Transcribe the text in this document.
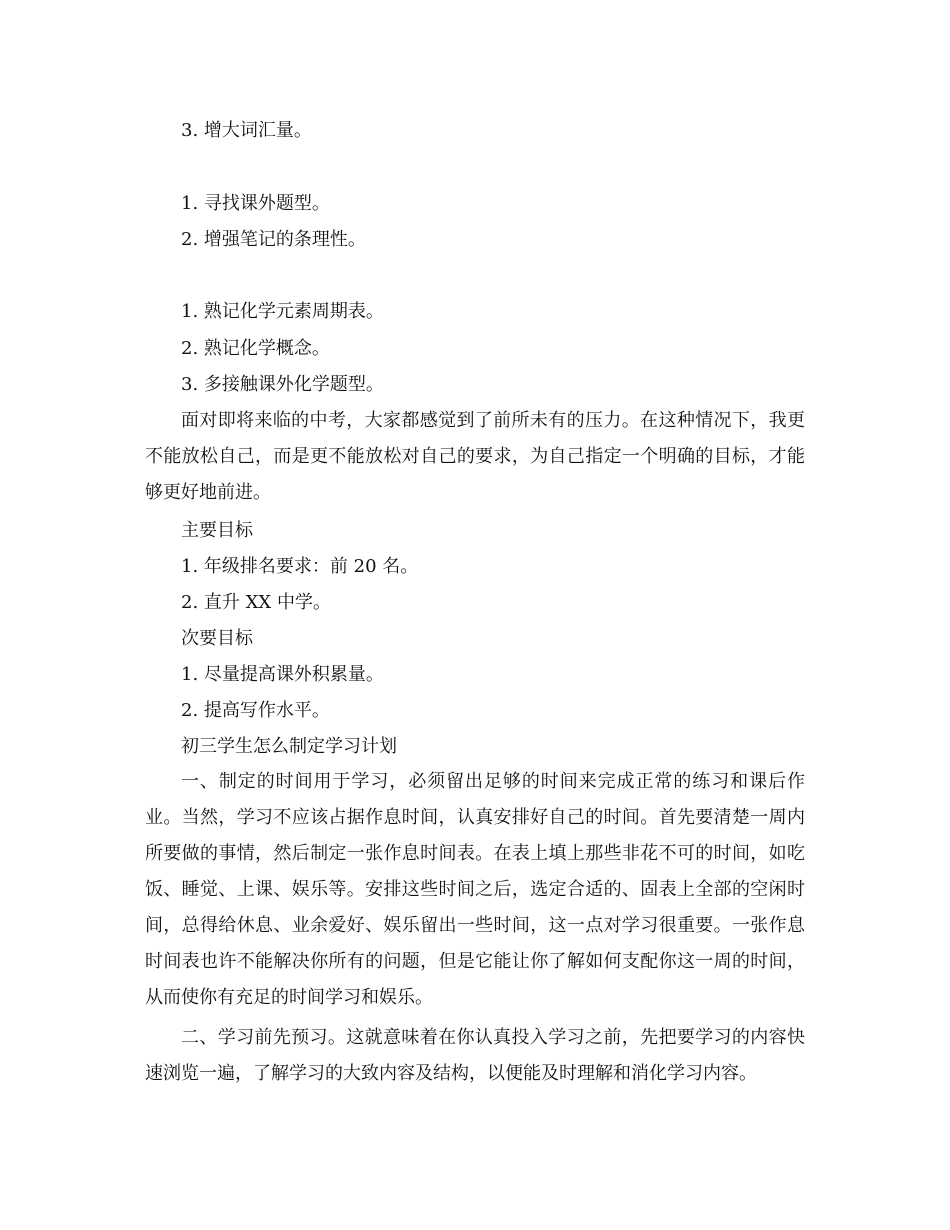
3. 增大词汇量。
1. 寻找课外题型。
2. 增强笔记的条理性。
1. 熟记化学元素周期表。
2. 熟记化学概念。
3. 多接触课外化学题型。
面对即将来临的中考，大家都感觉到了前所未有的压力。在这种情况下，我更不能放松自己，而是更不能放松对自己的要求，为自己指定一个明确的目标，才能够更好地前进。
主要目标
1. 年级排名要求：前 20 名。
2. 直升 XX 中学。
次要目标
1. 尽量提高课外积累量。
2. 提高写作水平。
初三学生怎么制定学习计划
一、制定的时间用于学习，必须留出足够的时间来完成正常的练习和课后作业。当然，学习不应该占据作息时间，认真安排好自己的时间。首先要清楚一周内所要做的事情，然后制定一张作息时间表。在表上填上那些非花不可的时间，如吃饭、睡觉、上课、娱乐等。安排这些时间之后，选定合适的、固表上全部的空闲时间，总得给休息、业余爱好、娱乐留出一些时间，这一点对学习很重要。一张作息时间表也许不能解决你所有的问题，但是它能让你了解如何支配你这一周的时间，从而使你有充足的时间学习和娱乐。
二、学习前先预习。这就意味着在你认真投入学习之前，先把要学习的内容快速浏览一遍，了解学习的大致内容及结构，以便能及时理解和消化学习内容。
